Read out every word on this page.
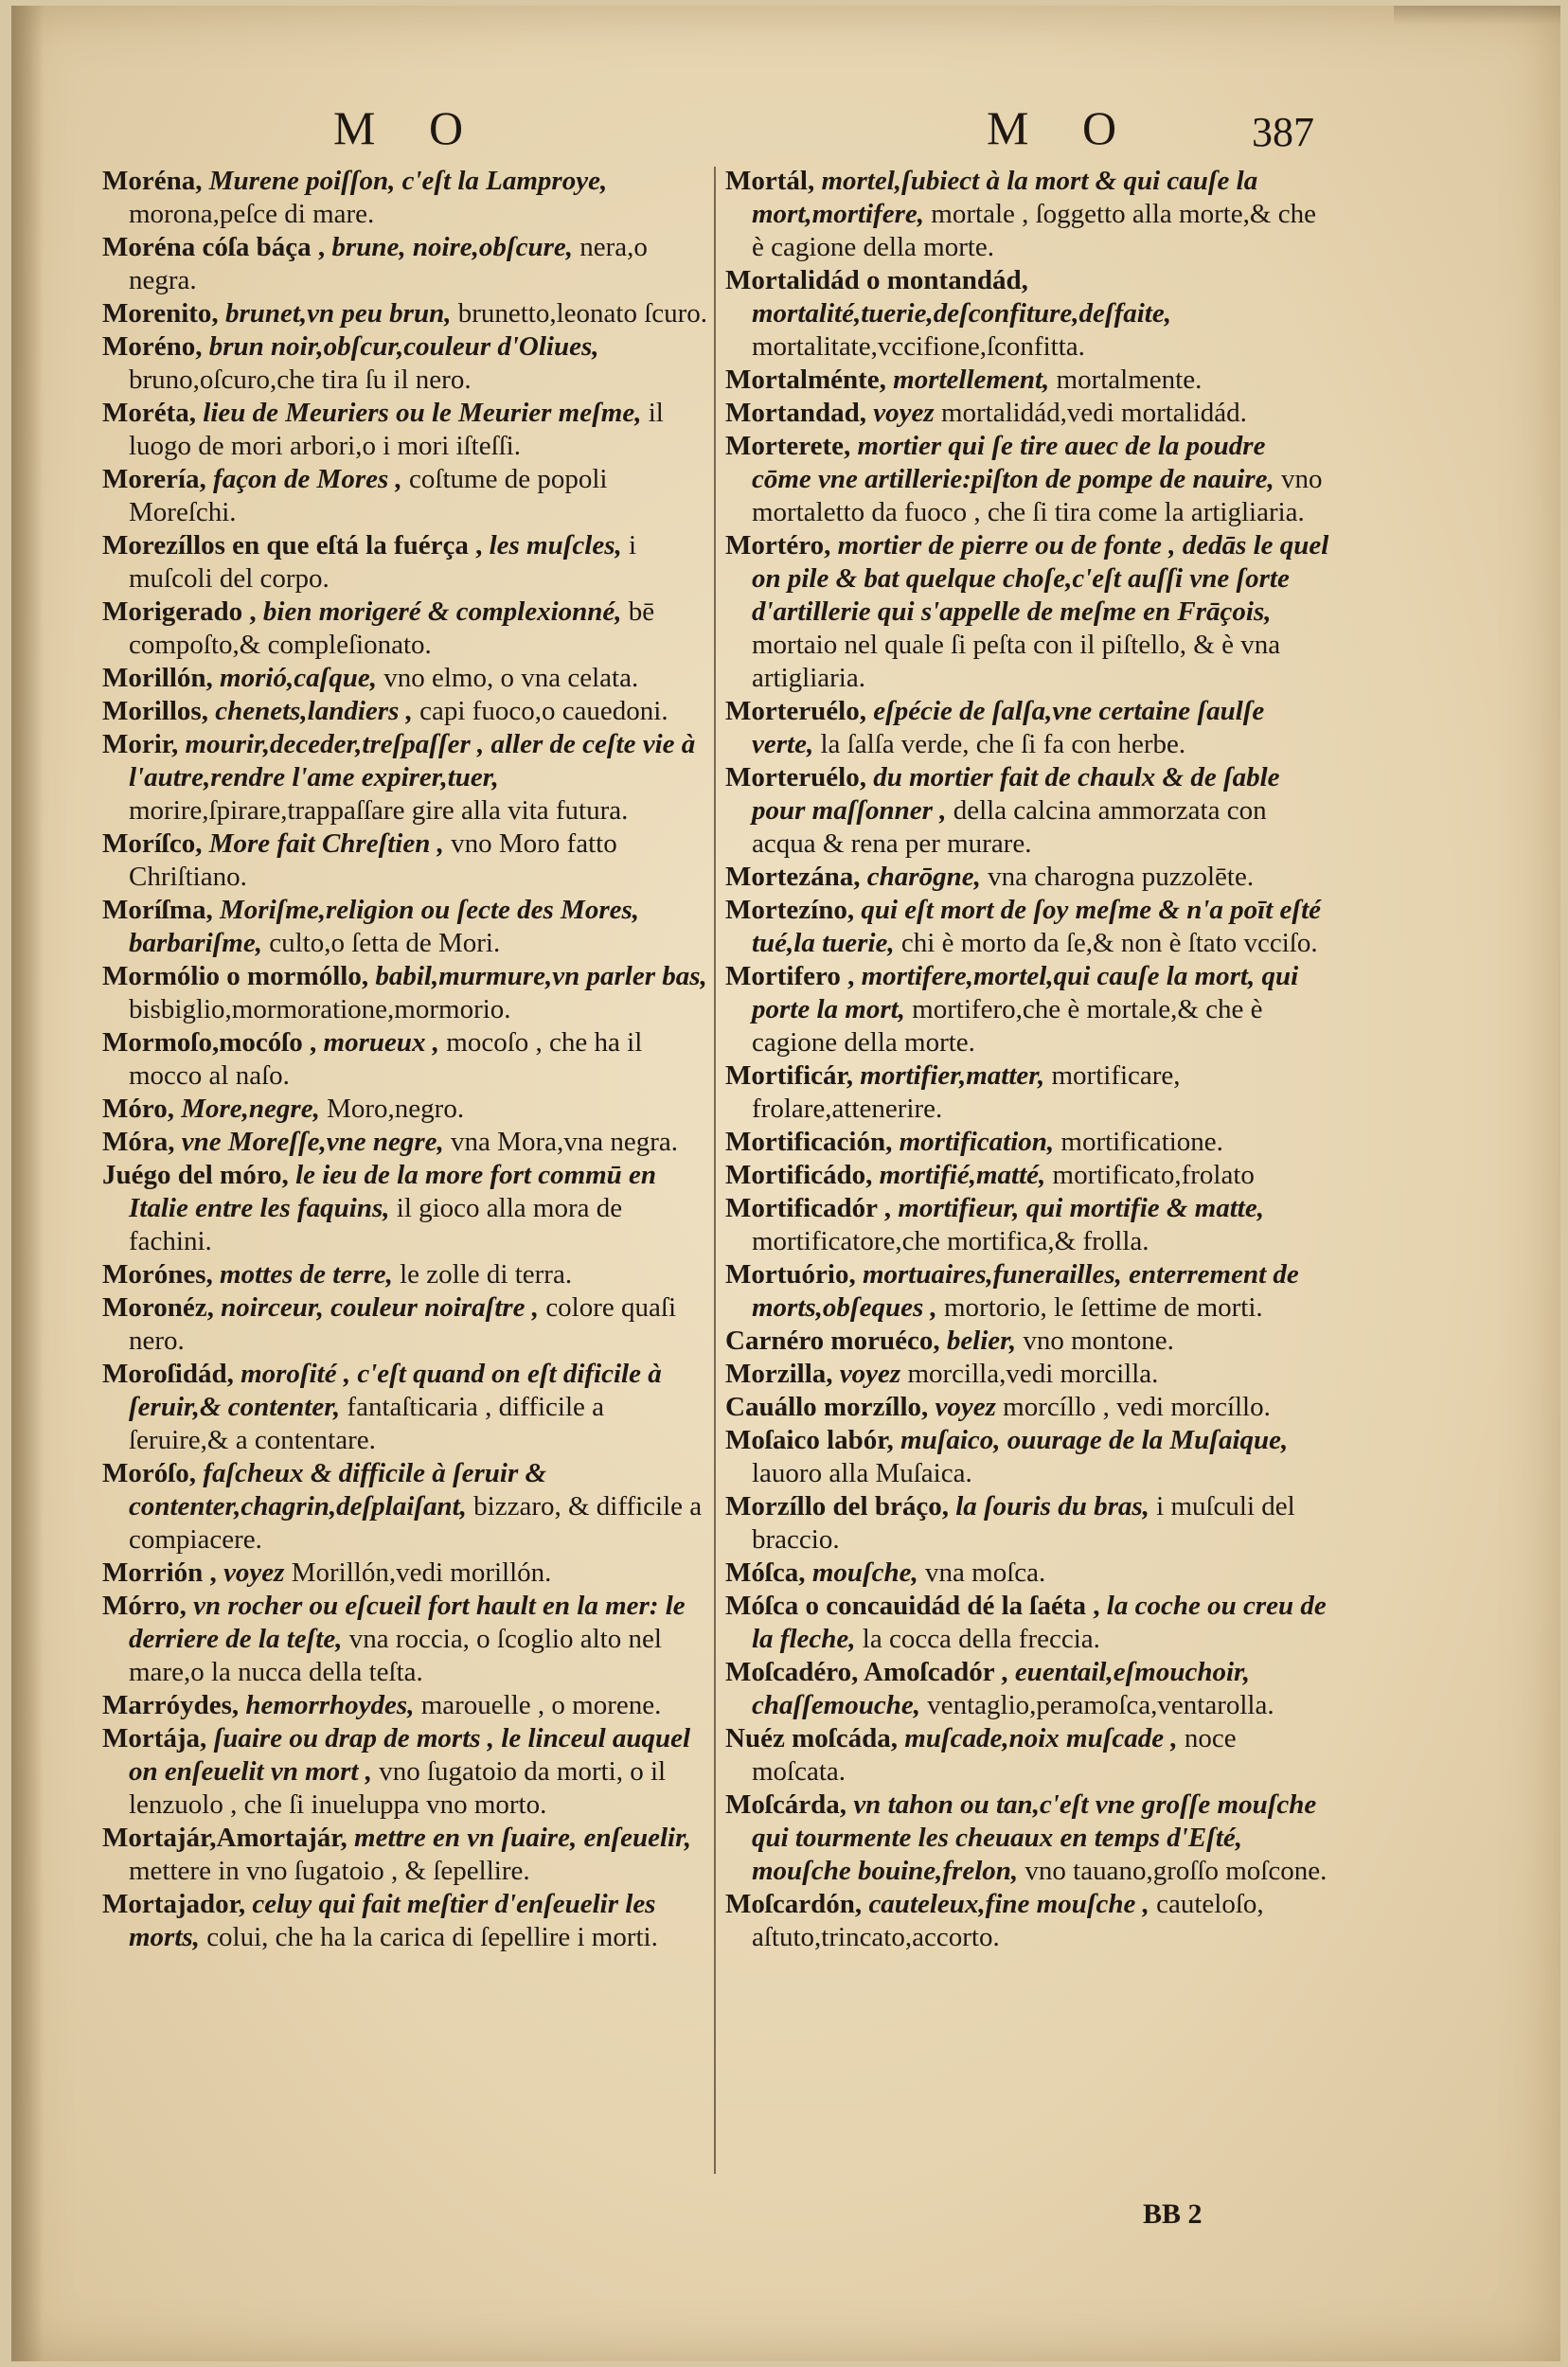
M O	M O	387
Moréna, Murene poiſſon, c'eſt la Lamproye, morona,peſce di mare.
Moréna cóſa báça , brune, noire,obſcure, nera,o negra.
Morenito, brunet,vn peu brun, brunetto,leonato ſcuro.
Moréno, brun noir,obſcur,couleur d'Oliues, bruno,oſcuro,che tira ſu il nero.
Moréta, lieu de Meuriers ou le Meurier meſme, il luogo de mori arbori,o i mori iſteſſi.
Morería, façon de Mores , coſtume de popoli Moreſchi.
Morezíllos en que eſtá la fuérça , les muſcles, i muſcoli del corpo.
Morigerado , bien morigeré & complexionné, bē compoſto,& compleſionato.
Morillón, morió,caſque, vno elmo, o vna celata.
Morillos, chenets,landiers , capi fuoco,o cauedoni.
Morir, mourir,deceder,treſpaſſer , aller de ceſte vie à l'autre,rendre l'ame expirer,tuer, morire,ſpirare,trappaſſare gire alla vita futura.
Moríſco, More fait Chreſtien , vno Moro fatto Chriſtiano.
Moríſma, Moriſme,religion ou ſecte des Mores, barbariſme, culto,o ſetta de Mori.
Mormólio o mormóllo, babil,murmure,vn parler bas, bisbiglio,mormoratione,mormorio.
Mormoſo,mocóſo , morueux , mocoſo , che ha il mocco al naſo.
Móro, More,negre, Moro,negro.
Móra, vne Moreſſe,vne negre, vna Mora,vna negra.
Juégo del móro, le ieu de la more fort commū en Italie entre les faquins, il gioco alla mora de fachini.
Morónes, mottes de terre, le zolle di terra.
Moronéz, noirceur, couleur noiraſtre , colore quaſi nero.
Moroſidád, moroſité , c'eſt quand on eſt dificile à ſeruir,& contenter, fantaſticaria , difficile a ſeruire,& a contentare.
Moróſo, faſcheux & difficile à ſeruir & contenter,chagrin,deſplaiſant, bizzaro, & difficile a compiacere.
Morrión , voyez Morillón,vedi morillón.
Mórro, vn rocher ou eſcueil fort hault en la mer: le derriere de la teſte, vna roccia, o ſcoglio alto nel mare,o la nucca della teſta.
Marróydes, hemorrhoydes, marouelle , o morene.
Mortája, ſuaire ou drap de morts , le linceul auquel on enſeuelit vn mort , vno ſugatoio da morti, o il lenzuolo , che ſi inueluppa vno morto.
Mortajár,Amortajár, mettre en vn ſuaire, enſeuelir, mettere in vno ſugatoio , & ſepellire.
Mortajador, celuy qui fait meſtier d'enſeuelir les morts, colui, che ha la carica di ſepellire i morti.
Mortál, mortel,ſubiect à la mort & qui cauſe la mort,mortifere, mortale , ſoggetto alla morte,& che è cagione della morte.
Mortalidád o montandád, mortalité,tuerie,deſconfiture,deſfaite, mortalitate,vccifione,ſconfitta.
Mortalménte, mortellement, mortalmente.
Mortandad, voyez mortalidád,vedi mortalidád.
Morterete, mortier qui ſe tire auec de la poudre cōme vne artillerie:piſton de pompe de nauire, vno mortaletto da fuoco , che ſi tira come la artigliaria.
Mortéro, mortier de pierre ou de fonte , dedās le quel on pile & bat quelque choſe,c'eſt auſſi vne ſorte d'artillerie qui s'appelle de meſme en Frāçois, mortaio nel quale ſi peſta con il piſtello, & è vna artigliaria.
Morteruélo, eſpécie de ſalſa,vne certaine ſaulſe verte, la ſalſa verde, che ſi fa con herbe.
Morteruélo, du mortier fait de chaulx & de ſable pour maſſonner , della calcina ammorzata con acqua & rena per murare.
Mortezána, charōgne, vna charogna puzzolēte.
Mortezíno, qui eſt mort de ſoy meſme & n'a poīt eſté tué,la tuerie, chi è morto da ſe,& non è ſtato vcciſo.
Mortifero , mortifere,mortel,qui cauſe la mort, qui porte la mort, mortifero,che è mortale,& che è cagione della morte.
Mortificár, mortifier,matter, mortificare, frolare,attenerire.
Mortificación, mortification, mortificatione.
Mortificádo, mortifié,matté, mortificato,frolato
Mortificadór , mortifieur, qui mortifie & matte, mortificatore,che mortifica,& frolla.
Mortuório, mortuaires,funerailles, enterrement de morts,obſeques , mortorio, le ſettime de morti.
Carnéro moruéco, belier, vno montone.
Morzilla, voyez morcilla,vedi morcilla.
Cauállo morzíllo, voyez morcíllo , vedi morcíllo.
Moſaico labór, muſaico, ouurage de la Muſaique, lauoro alla Muſaica.
Morzíllo del bráço, la ſouris du bras, i muſculi del braccio.
Móſca, mouſche, vna moſca.
Móſca o concauidád dé la ſaéta , la coche ou creu de la fleche, la cocca della freccia.
Moſcadéro, Amoſcadór , euentail,eſmouchoir, chaſſemouche, ventaglio,peramoſca,ventarolla.
Nuéz moſcáda, muſcade,noix muſcade , noce moſcata.
Moſcárda, vn tahon ou tan,c'eſt vne groſſe mouſche qui tourmente les cheuaux en temps d'Eſté, mouſche bouine,frelon, vno tauano,groſſo moſcone.
Moſcardón, cauteleux,fine mouſche , cauteloſo, aſtuto,trincato,accorto.
BB 2
